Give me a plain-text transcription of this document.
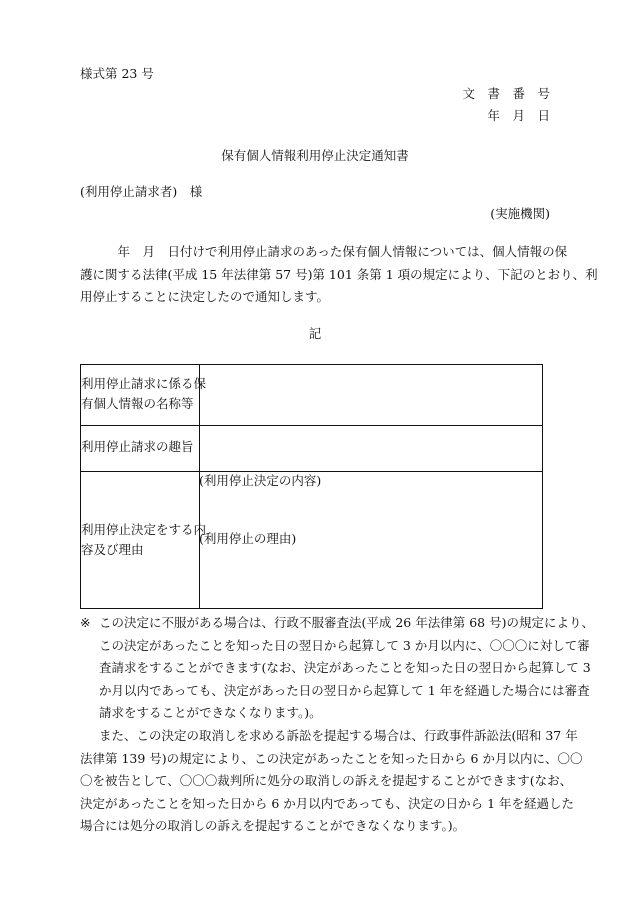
様式第 23 号
文　書　番　号
年　月　日
保有個人情報利用停止決定通知書
(利用停止請求者)　様
(実施機関)
　　　年　月　日付けで利用停止請求のあった保有個人情報については、個人情報の保
護に関する法律(平成 15 年法律第 57 号)第 101 条第 1 項の規定により、下記のとおり、利
用停止することに決定したので通知します。
記
利用停止請求に係る保
有個人情報の名称等
利用停止請求の趣旨
利用停止決定をする内
容及び理由
(利用停止決定の内容)
(利用停止の理由)
※ この決定に不服がある場合は、行政不服審査法(平成 26 年法律第 68 号)の規定により、
この決定があったことを知った日の翌日から起算して 3 か月以内に、〇〇〇に対して審
査請求をすることができます(なお、決定があったことを知った日の翌日から起算して 3
か月以内であっても、決定があった日の翌日から起算して 1 年を経過した場合には審査
請求をすることができなくなります。)。
また、この決定の取消しを求める訴訟を提起する場合は、行政事件訴訟法(昭和 37 年
法律第 139 号)の規定により、この決定があったことを知った日から 6 か月以内に、〇〇
〇を被告として、〇〇〇裁判所に処分の取消しの訴えを提起することができます(なお、
決定があったことを知った日から 6 か月以内であっても、決定の日から 1 年を経過した
場合には処分の取消しの訴えを提起することができなくなります。)。
